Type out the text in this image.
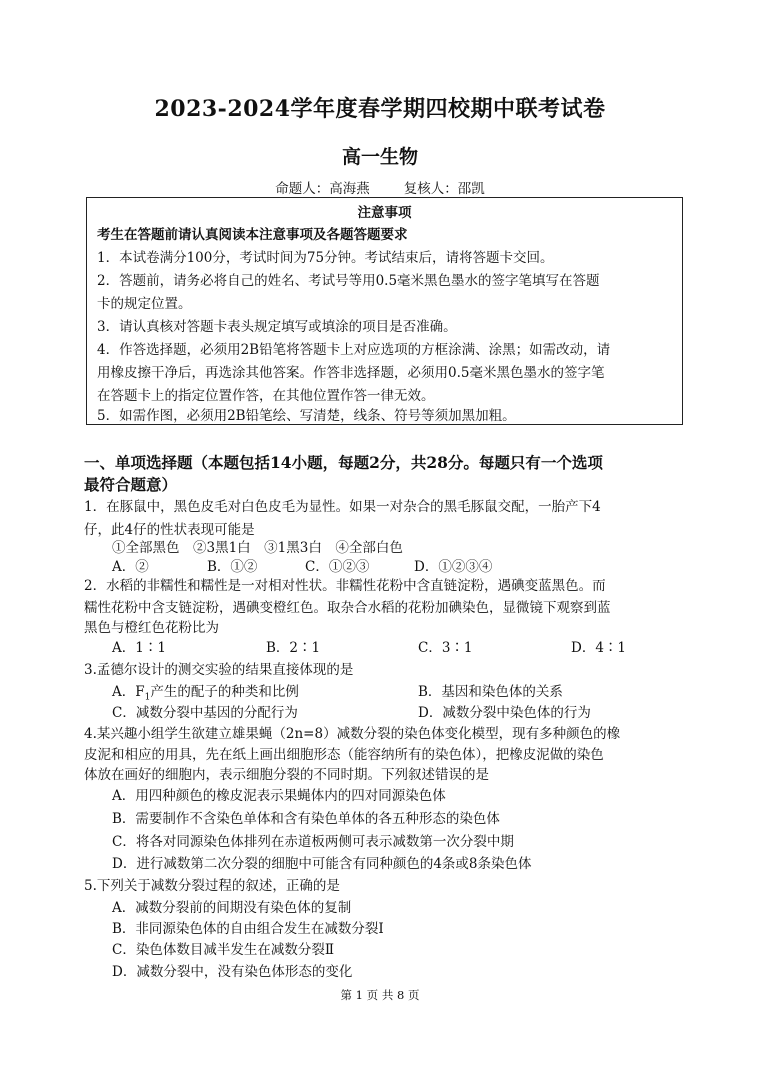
2023-2024学年度春学期四校期中联考试卷
高一生物
命题人：高海燕	复核人：邵凯
注意事项
考生在答题前请认真阅读本注意事项及各题答题要求
1．本试卷满分100分，考试时间为75分钟。考试结束后，请将答题卡交回。
2．答题前，请务必将自己的姓名、考试号等用0.5毫米黑色墨水的签字笔填写在答题
卡的规定位置。
3．请认真核对答题卡表头规定填写或填涂的项目是否准确。
4．作答选择题，必须用2B铅笔将答题卡上对应选项的方框涂满、涂黑；如需改动，请
用橡皮擦干净后，再选涂其他答案。作答非选择题，必须用0.5毫米黑色墨水的签字笔
在答题卡上的指定位置作答，在其他位置作答一律无效。
5．如需作图，必须用2B铅笔绘、写清楚，线条、符号等须加黑加粗。
一、单项选择题（本题包括14小题，每题2分，共28分。每题只有一个选项
最符合题意）
1．在豚鼠中，黑色皮毛对白色皮毛为显性。如果一对杂合的黑毛豚鼠交配，一胎产下4
仔，此4仔的性状表现可能是
①全部黑色　②3黑1白　③1黑3白　④全部白色
A．②	B．①②	C．①②③	D．①②③④
2．水稻的非糯性和糯性是一对相对性状。非糯性花粉中含直链淀粉，遇碘变蓝黑色。而
糯性花粉中含支链淀粉，遇碘变橙红色。取杂合水稻的花粉加碘染色，显微镜下观察到蓝
黑色与橙红色花粉比为
A．1∶1	B．2∶1	C．3∶1	D．4∶1
3.孟德尔设计的测交实验的结果直接体现的是
A．$F_1$产生的配子的种类和比例	B．基因和染色体的关系
C．减数分裂中基因的分配行为	D．减数分裂中染色体的行为
4.某兴趣小组学生欲建立雄果蝇（2n=8）减数分裂的染色体变化模型，现有多种颜色的橡
皮泥和相应的用具，先在纸上画出细胞形态（能容纳所有的染色体），把橡皮泥做的染色
体放在画好的细胞内，表示细胞分裂的不同时期。下列叙述错误的是
A．用四种颜色的橡皮泥表示果蝇体内的四对同源染色体
B．需要制作不含染色单体和含有染色单体的各五种形态的染色体
C．将各对同源染色体排列在赤道板两侧可表示减数第一次分裂中期
D．进行减数第二次分裂的细胞中可能含有同种颜色的4条或8条染色体
5.下列关于减数分裂过程的叙述，正确的是
A．减数分裂前的间期没有染色体的复制
B．非同源染色体的自由组合发生在减数分裂Ⅰ
C．染色体数目减半发生在减数分裂Ⅱ
D．减数分裂中，没有染色体形态的变化
第 1 页 共 8 页
